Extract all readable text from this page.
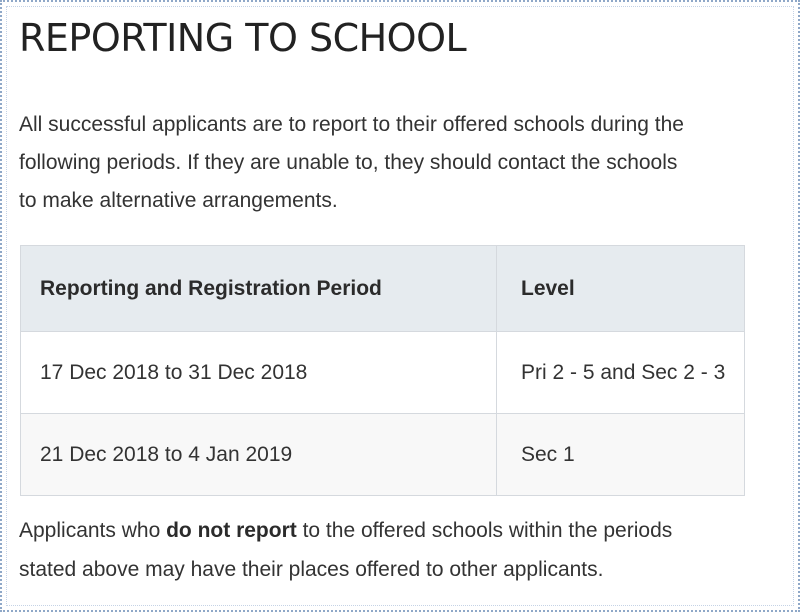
REPORTING TO SCHOOL

All successful applicants are to report to their offered schools during the
following periods. If they are unable to, they should contact the schools
to make alternative arrangements.

Reporting and Registration Period	Level
17 Dec 2018 to 31 Dec 2018	Pri 2 - 5 and Sec 2 - 3
21 Dec 2018 to 4 Jan 2019	Sec 1

Applicants who do not report to the offered schools within the periods
stated above may have their places offered to other applicants.
